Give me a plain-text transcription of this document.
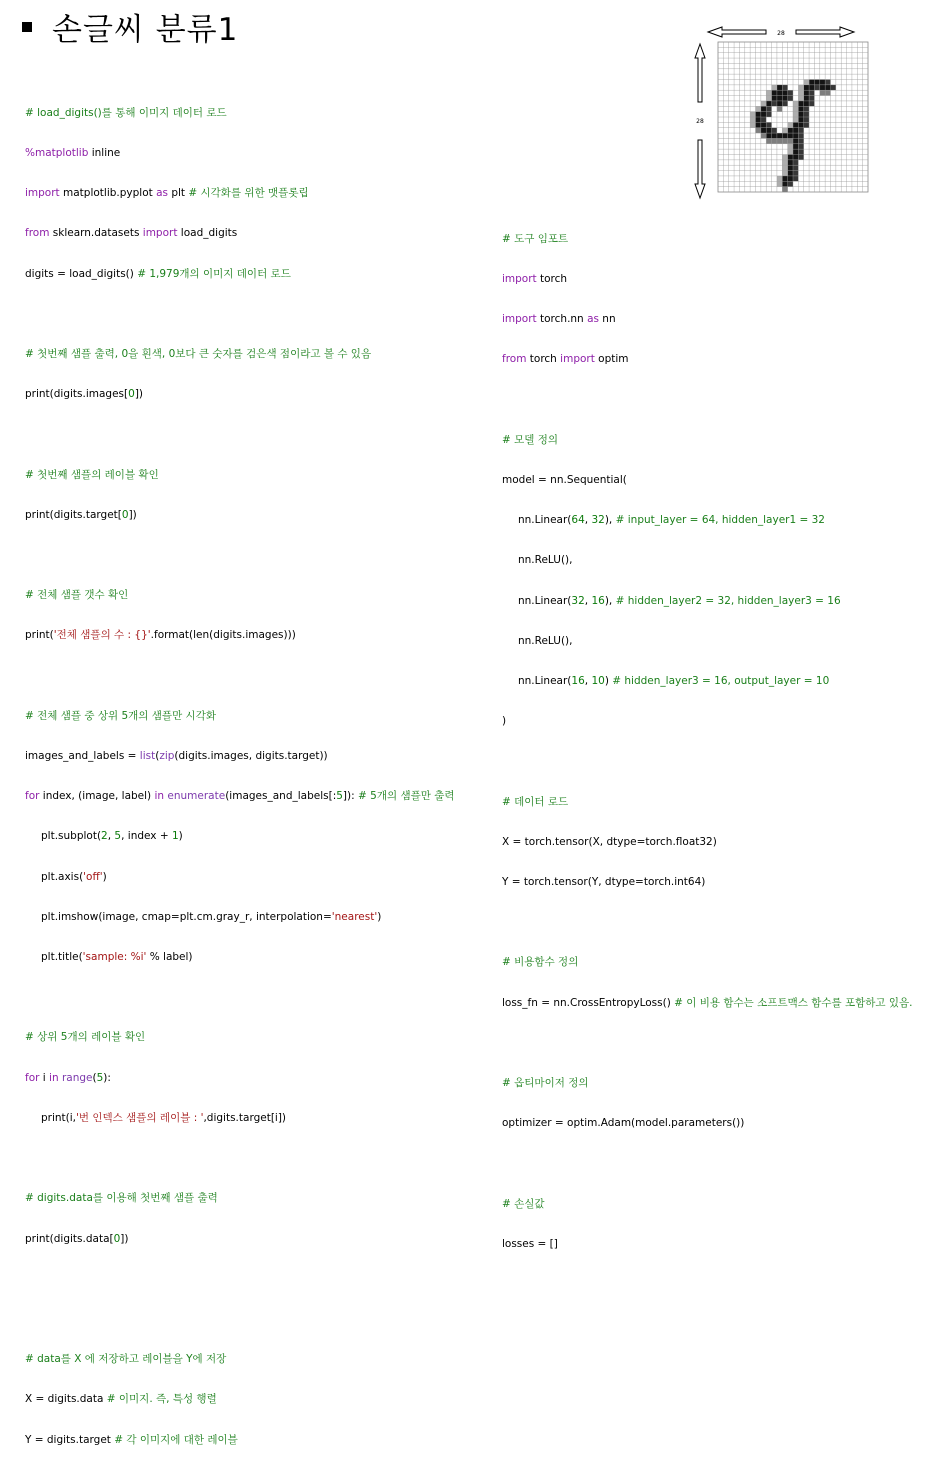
손글씨 분류1

# load_digits()를 통해 이미지 데이터 로드

%matplotlib inline

import matplotlib.pyplot as plt # 시각화를 위한 맷플롯립

from sklearn.datasets import load_digits

digits = load_digits() # 1,979개의 이미지 데이터 로드

# 첫번째 샘플 출력, 0을 흰색, 0보다 큰 숫자를 검은색 점이라고 볼 수 있음

print(digits.images[0])

# 첫번째 샘플의 레이블 확인

print(digits.target[0])

# 전체 샘플 갯수 확인

print('전체 샘플의 수 : {}'.format(len(digits.images)))

# 전체 샘플 중 상위 5개의 샘플만 시각화

images_and_labels = list(zip(digits.images, digits.target))

for index, (image, label) in enumerate(images_and_labels[:5]): # 5개의 샘플만 출력

plt.subplot(2, 5, index + 1)

plt.axis('off')

plt.imshow(image, cmap=plt.cm.gray_r, interpolation='nearest')

plt.title('sample: %i' % label)

# 상위 5개의 레이블 확인

for i in range(5):

print(i,'번 인덱스 샘플의 레이블 : ',digits.target[i])

# digits.data를 이용해 첫번째 샘플 출력

print(digits.data[0])

# data를 X 에 저장하고 레이블을 Y에 저장

X = digits.data # 이미지. 즉, 특성 행렬

Y = digits.target # 각 이미지에 대한 레이블

# 도구 임포트

import torch

import torch.nn as nn

from torch import optim

# 모델 정의

model = nn.Sequential(

nn.Linear(64, 32), # input_layer = 64, hidden_layer1 = 32

nn.ReLU(),

nn.Linear(32, 16), # hidden_layer2 = 32, hidden_layer3 = 16

nn.ReLU(),

nn.Linear(16, 10) # hidden_layer3 = 16, output_layer = 10

)

# 데이터 로드

X = torch.tensor(X, dtype=torch.float32)

Y = torch.tensor(Y, dtype=torch.int64)

# 비용함수 정의

loss_fn = nn.CrossEntropyLoss() # 이 비용 함수는 소프트맥스 함수를 포함하고 있음.

# 옵티마이저 정의

optimizer = optim.Adam(model.parameters())

# 손실값

losses = []

28
28
